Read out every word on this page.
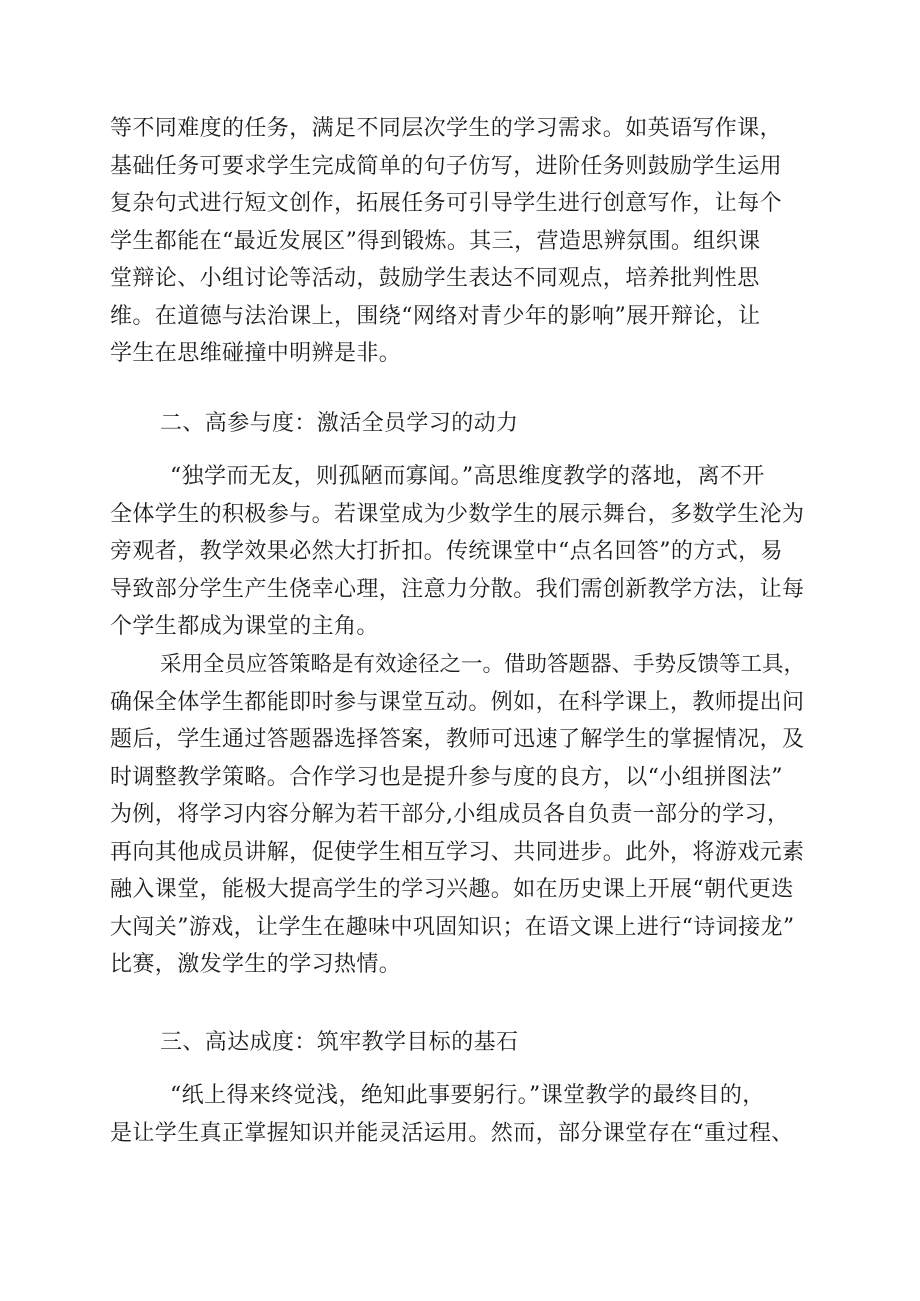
等不同难度的任务，满足不同层次学生的学习需求。如英语写作课，
基础任务可要求学生完成简单的句子仿写，进阶任务则鼓励学生运用
复杂句式进行短文创作，拓展任务可引导学生进行创意写作，让每个
学生都能在“最近发展区”得到锻炼。其三，营造思辨氛围。组织课
堂辩论、小组讨论等活动，鼓励学生表达不同观点，培养批判性思
维。在道德与法治课上，围绕“网络对青少年的影响”展开辩论，让
学生在思维碰撞中明辨是非。
二、高参与度：激活全员学习的动力
“独学而无友，则孤陋而寡闻。”高思维度教学的落地，离不开
全体学生的积极参与。若课堂成为少数学生的展示舞台，多数学生沦为
旁观者，教学效果必然大打折扣。传统课堂中“点名回答”的方式，易
导致部分学生产生侥幸心理，注意力分散。我们需创新教学方法，让每
个学生都成为课堂的主角。
采用全员应答策略是有效途径之一。借助答题器、手势反馈等工具，
确保全体学生都能即时参与课堂互动。例如，在科学课上，教师提出问
题后，学生通过答题器选择答案，教师可迅速了解学生的掌握情况，及
时调整教学策略。合作学习也是提升参与度的良方，以“小组拼图法”
为例，将学习内容分解为若干部分,小组成员各自负责一部分的学习，
再向其他成员讲解，促使学生相互学习、共同进步。此外，将游戏元素
融入课堂，能极大提高学生的学习兴趣。如在历史课上开展“朝代更迭
大闯关”游戏，让学生在趣味中巩固知识；在语文课上进行“诗词接龙”
比赛，激发学生的学习热情。
三、高达成度：筑牢教学目标的基石
“纸上得来终觉浅，绝知此事要躬行。”课堂教学的最终目的，
是让学生真正掌握知识并能灵活运用。然而，部分课堂存在“重过程、
